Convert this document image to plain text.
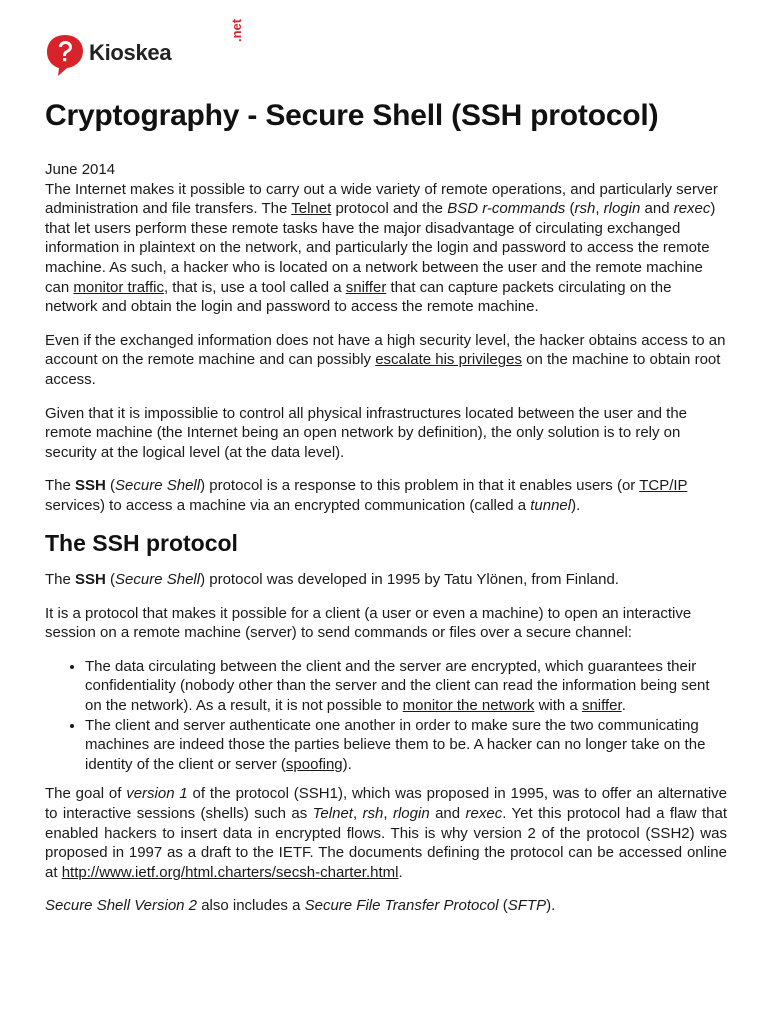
Kioskea
.net
Cryptography - Secure Shell (SSH protocol)
June 2014

The Internet makes it possible to carry out a wide variety of remote operations, and particularly server administration and file transfers. The Telnet protocol and the BSD r-commands (rsh, rlogin and rexec) that let users perform these remote tasks have the major disadvantage of circulating exchanged information in plaintext on the network, and particularly the login and password to access the remote machine. As such, a hacker who is located on a network between the user and the remote machine can monitor traffic, that is, use a tool called a sniffer that can capture packets circulating on the network and obtain the login and password to access the remote machine.

Even if the exchanged information does not have a high security level, the hacker obtains access to an account on the remote machine and can possibly escalate his privileges on the machine to obtain root access.

Given that it is impossiblie to control all physical infrastructures located between the user and the remote machine (the Internet being an open network by definition), the only solution is to rely on security at the logical level (at the data level).

The SSH (Secure Shell) protocol is a response to this problem in that it enables users (or TCP/IP services) to access a machine via an encrypted communication (called a tunnel).

The SSH protocol

The SSH (Secure Shell) protocol was developed in 1995 by Tatu Ylönen, from Finland.

It is a protocol that makes it possible for a client (a user or even a machine) to open an interactive session on a remote machine (server) to send commands or files over a secure channel:

• The data circulating between the client and the server are encrypted, which guarantees their confidentiality (nobody other than the server and the client can read the information being sent on the network). As a result, it is not possible to monitor the network with a sniffer.
• The client and server authenticate one another in order to make sure the two communicating machines are indeed those the parties believe them to be. A hacker can no longer take on the identity of the client or server (spoofing).

The goal of version 1 of the protocol (SSH1), which was proposed in 1995, was to offer an alternative to interactive sessions (shells) such as Telnet, rsh, rlogin and rexec. Yet this protocol had a flaw that enabled hackers to insert data in encrypted flows. This is why version 2 of the protocol (SSH2) was proposed in 1997 as a draft to the IETF. The documents defining the protocol can be accessed online at http://www.ietf.org/html.charters/secsh-charter.html.

Secure Shell Version 2 also includes a Secure File Transfer Protocol (SFTP).
